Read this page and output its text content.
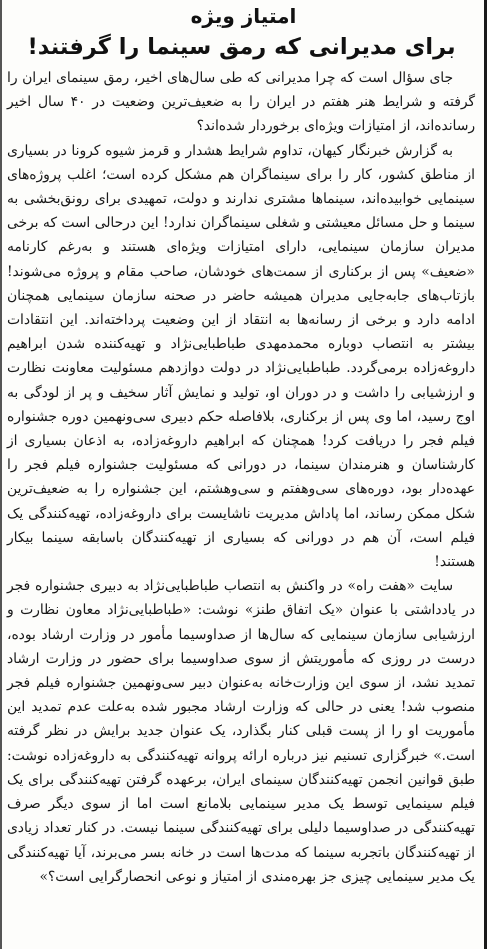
امتیاز ویژه
برای مدیرانی که رمق سینما را گرفتند!

جای سؤال است که چرا مدیرانی که طی سال‌های اخیر، رمق سینمای ایران را گرفته و شرایط هنر هفتم در ایران را به ضعیف‌ترین وضعیت در ۴۰ سال اخیر رسانده‌اند، از امتیازات ویژه‌ای برخوردار شده‌اند؟

به گزارش خبرنگار کیهان، تداوم شرایط هشدار و قرمز شیوه کرونا در بسیاری از مناطق کشور، کار را برای سینماگران هم مشکل کرده است؛ اغلب پروژه‌های سینمایی خوابیده‌اند، سینماها مشتری ندارند و دولت، تمهیدی برای رونق‌بخشی به سینما و حل مسائل معیشتی و شغلی سینماگران ندارد! این درحالی است که برخی مدیران سازمان سینمایی، دارای امتیازات ویژه‌ای هستند و به‌رغم کارنامه «ضعیف» پس از برکناری از سمت‌های خودشان، صاحب مقام و پروژه می‌شوند! بازتاب‌های جابه‌جایی مدیران همیشه حاضر در صحنه سازمان سینمایی همچنان ادامه دارد و برخی از رسانه‌ها به انتقاد از این وضعیت پرداخته‌اند. این انتقادات بیشتر به انتصاب دوباره محمدمهدی طباطبایی‌نژاد و تهیه‌کننده شدن ابراهیم داروغه‌زاده برمی‌گردد. طباطبایی‌نژاد در دولت دوازدهم مسئولیت معاونت نظارت و ارزشیابی را داشت و در دوران او، تولید و نمایش آثار سخیف و پر از لودگی به اوج رسید، اما وی پس از برکناری، بلافاصله حکم دبیری سی‌ونهمین دوره جشنواره فیلم فجر را دریافت کرد! همچنان که ابراهیم داروغه‌زاده، به اذعان بسیاری از کارشناسان و هنرمندان سینما، در دورانی که مسئولیت جشنواره فیلم فجر را عهده‌دار بود، دوره‌های سی‌وهفتم و سی‌وهشتم، این جشنواره را به ضعیف‌ترین شکل ممکن رساند، اما پاداش مدیریت ناشایست برای داروغه‌زاده، تهیه‌کنندگی یک فیلم است، آن هم در دورانی که بسیاری از تهیه‌کنندگان باسابقه سینما بیکار هستند!

سایت «هفت راه» در واکنش به انتصاب طباطبایی‌نژاد به دبیری جشنواره فجر در یادداشتی با عنوان «یک اتفاق طنز» نوشت: «طباطبایی‌نژاد معاون نظارت و ارزشیابی سازمان سینمایی که سال‌ها از صداوسیما مأمور در وزارت ارشاد بوده، درست در روزی که مأموریتش از سوی صداوسیما برای حضور در وزارت ارشاد تمدید نشد، از سوی این وزارت‌خانه به‌عنوان دبیر سی‌ونهمین جشنواره فیلم فجر منصوب شد! یعنی در حالی که وزارت ارشاد مجبور شده به‌علت عدم تمدید این مأموریت او را از پست قبلی کنار بگذارد، یک عنوان جدید برایش در نظر گرفته است.» خبرگزاری تسنیم نیز درباره ارائه پروانه تهیه‌کنندگی به داروغه‌زاده نوشت: طبق قوانین انجمن تهیه‌کنندگان سینمای ایران، برعهده گرفتن تهیه‌کنندگی برای یک فیلم سینمایی توسط یک مدیر سینمایی بلامانع است اما از سوی دیگر صرف تهیه‌کنندگی در صداوسیما دلیلی برای تهیه‌کنندگی سینما نیست. در کنار تعداد زیادی از تهیه‌کنندگان باتجربه سینما که مدت‌ها است در خانه بسر می‌برند، آیا تهیه‌کنندگی یک مدیر سینمایی چیزی جز بهره‌مندی از امتیاز و نوعی انحصارگرایی است؟»
